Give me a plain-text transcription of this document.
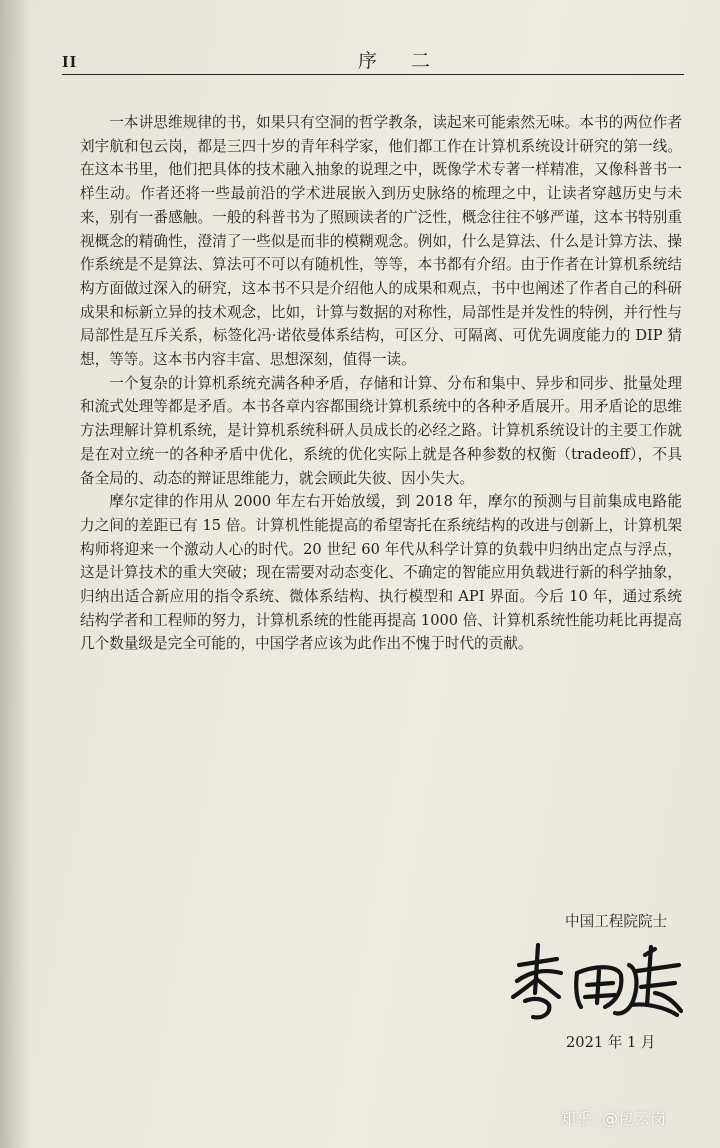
II	序 二

一本讲思维规律的书，如果只有空洞的哲学教条，读起来可能索然无味。本书的两位作者刘宇航和包云岗，都是三四十岁的青年科学家，他们都工作在计算机系统设计研究的第一线。在这本书里，他们把具体的技术融入抽象的说理之中，既像学术专著一样精准，又像科普书一样生动。作者还将一些最前沿的学术进展嵌入到历史脉络的梳理之中，让读者穿越历史与未来，别有一番感触。一般的科普书为了照顾读者的广泛性，概念往往不够严谨，这本书特别重视概念的精确性，澄清了一些似是而非的模糊观念。例如，什么是算法、什么是计算方法、操作系统是不是算法、算法可不可以有随机性，等等，本书都有介绍。由于作者在计算机系统结构方面做过深入的研究，这本书不只是介绍他人的成果和观点，书中也阐述了作者自己的科研成果和标新立异的技术观念，比如，计算与数据的对称性，局部性是并发性的特例，并行性与局部性是互斥关系，标签化冯·诺依曼体系结构，可区分、可隔离、可优先调度能力的 DIP 猜想，等等。这本书内容丰富、思想深刻，值得一读。

一个复杂的计算机系统充满各种矛盾，存储和计算、分布和集中、异步和同步、批量处理和流式处理等都是矛盾。本书各章内容都围绕计算机系统中的各种矛盾展开。用矛盾论的思维方法理解计算机系统，是计算机系统科研人员成长的必经之路。计算机系统设计的主要工作就是在对立统一的各种矛盾中优化，系统的优化实际上就是各种参数的权衡（tradeoff），不具备全局的、动态的辩证思维能力，就会顾此失彼、因小失大。

摩尔定律的作用从 2000 年左右开始放缓，到 2018 年，摩尔的预测与目前集成电路能力之间的差距已有 15 倍。计算机性能提高的希望寄托在系统结构的改进与创新上，计算机架构师将迎来一个激动人心的时代。20 世纪 60 年代从科学计算的负载中归纳出定点与浮点，这是计算技术的重大突破；现在需要对动态变化、不确定的智能应用负载进行新的科学抽象，归纳出适合新应用的指令系统、微体系结构、执行模型和 API 界面。今后 10 年，通过系统结构学者和工程师的努力，计算机系统的性能再提高 1000 倍、计算机系统性能功耗比再提高几个数量级是完全可能的，中国学者应该为此作出不愧于时代的贡献。

中国工程院院士
2021 年 1 月
知乎 @包云岗
